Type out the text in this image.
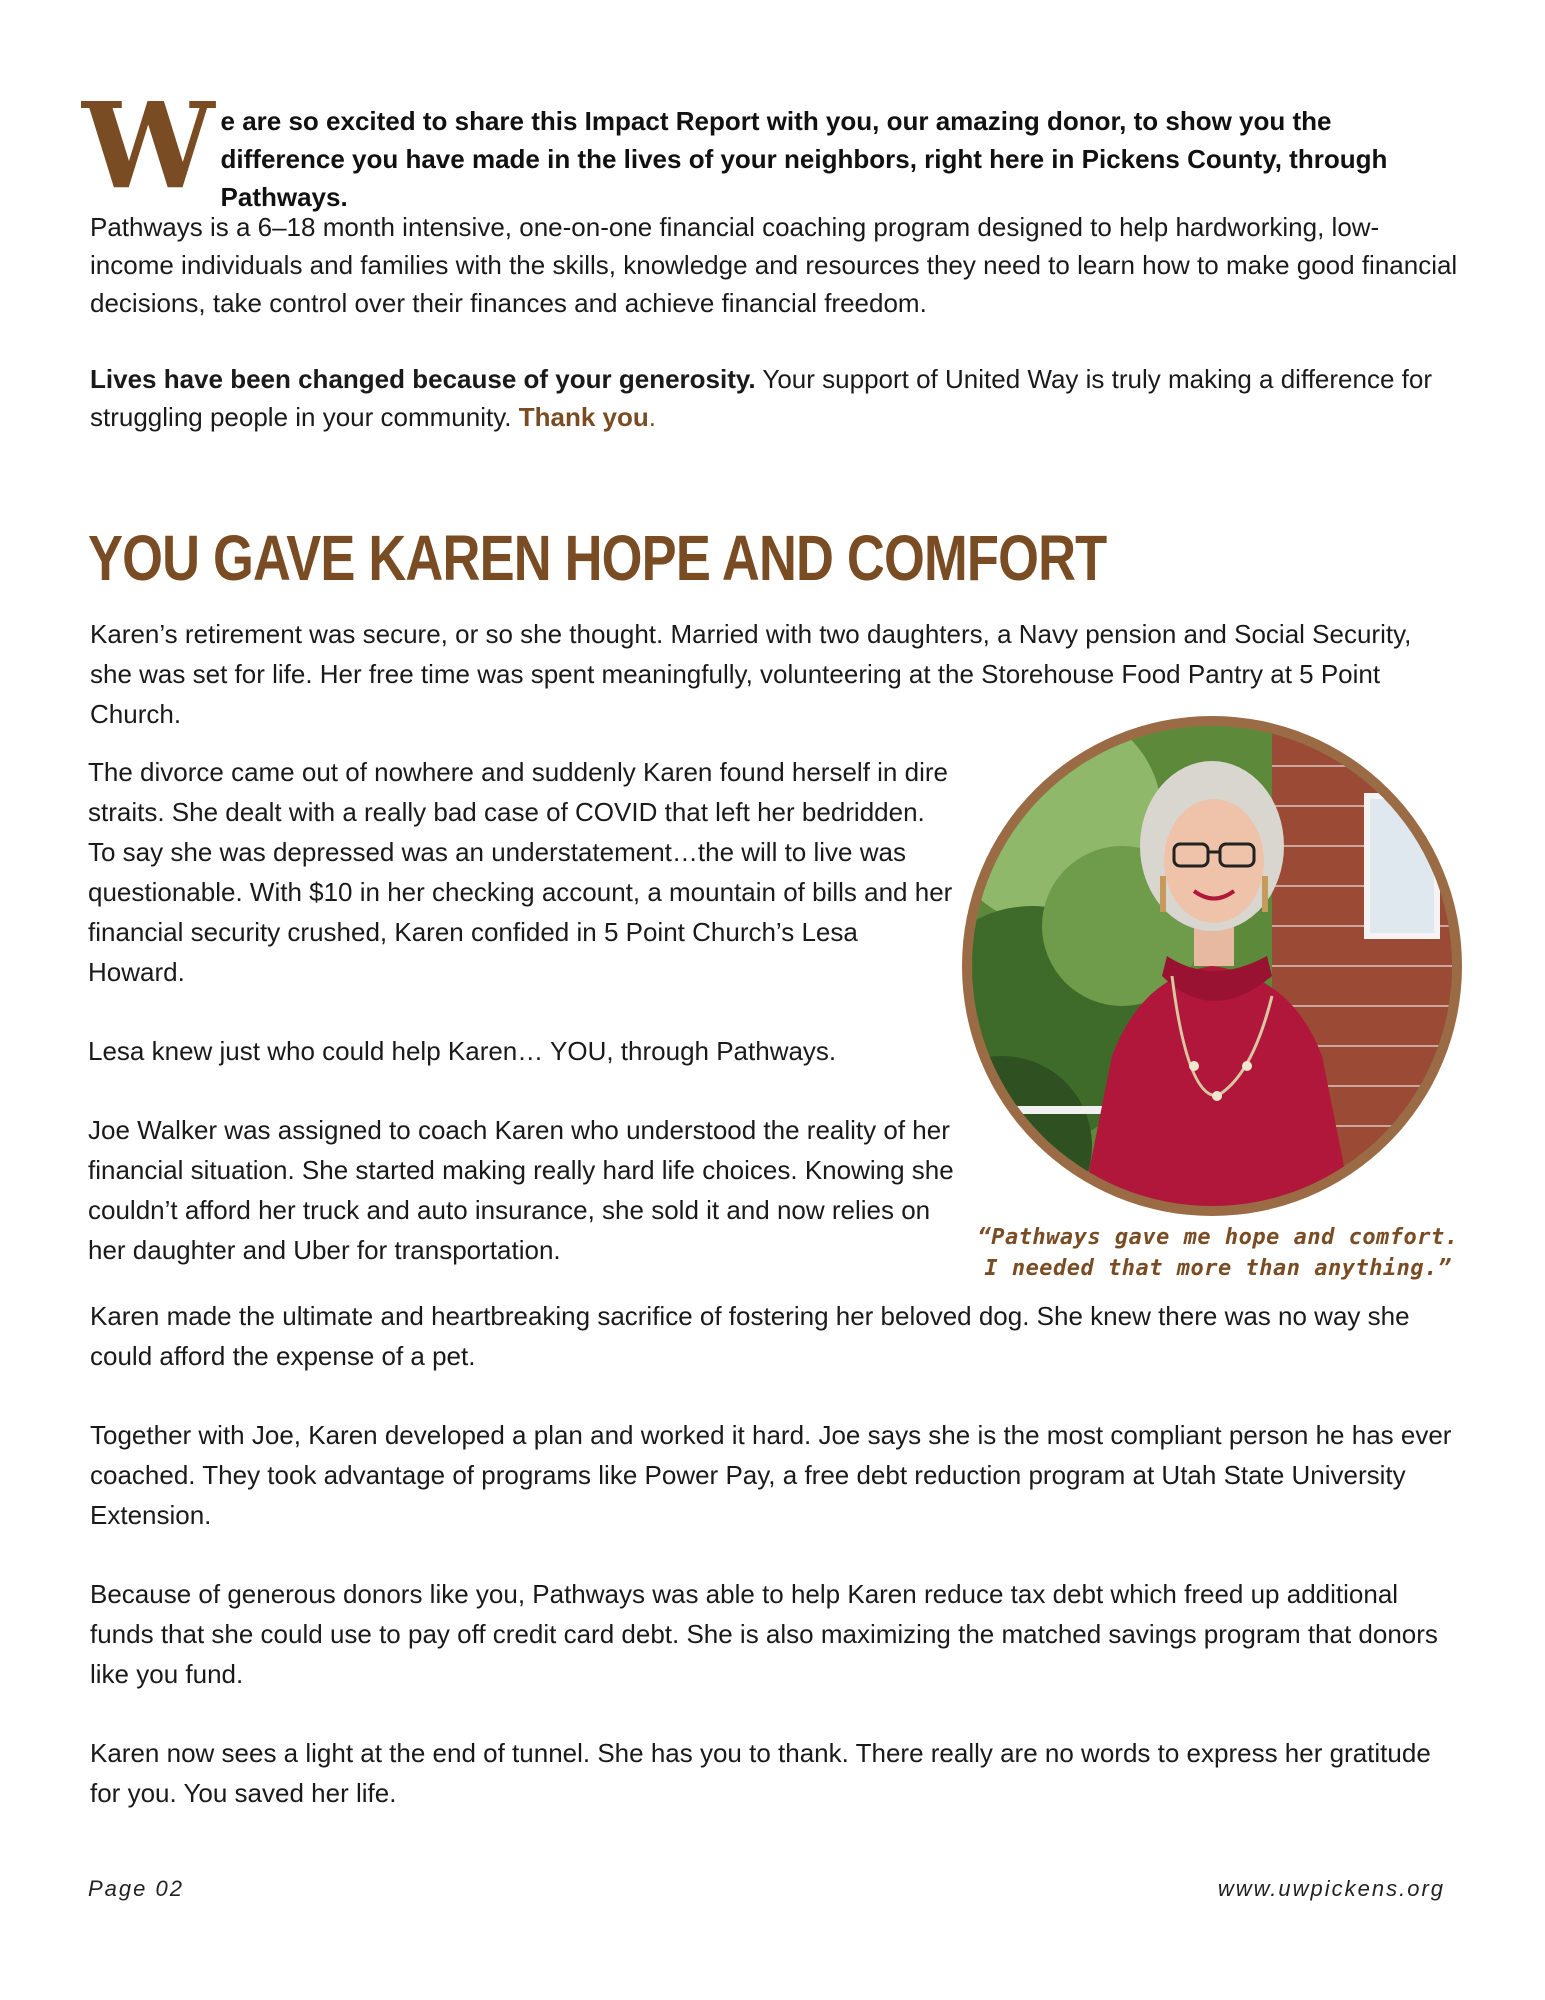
W e are so excited to share this Impact Report with you, our amazing donor, to show you the difference you have made in the lives of your neighbors, right here in Pickens County, through Pathways.
Pathways is a 6–18 month intensive, one-on-one financial coaching program designed to help hardworking, low-income individuals and families with the skills, knowledge and resources they need to learn how to make good financial decisions, take control over their finances and achieve financial freedom.
Lives have been changed because of your generosity. Your support of United Way is truly making a difference for struggling people in your community. Thank you.
YOU GAVE KAREN HOPE AND COMFORT
Karen’s retirement was secure, or so she thought. Married with two daughters, a Navy pension and Social Security, she was set for life. Her free time was spent meaningfully, volunteering at the Storehouse Food Pantry at 5 Point Church.

The divorce came out of nowhere and suddenly Karen found herself in dire straits. She dealt with a really bad case of COVID that left her bedridden. To say she was depressed was an understatement…the will to live was questionable. With $10 in her checking account, a mountain of bills and her financial security crushed, Karen confided in 5 Point Church’s Lesa Howard.

Lesa knew just who could help Karen… YOU, through Pathways.

Joe Walker was assigned to coach Karen who understood the reality of her financial situation. She started making really hard life choices. Knowing she couldn’t afford her truck and auto insurance, she sold it and now relies on her daughter and Uber for transportation.	“Pathways gave me hope and comfort.
I needed that more than anything.”

Karen made the ultimate and heartbreaking sacrifice of fostering her beloved dog. She knew there was no way she could afford the expense of a pet.

Together with Joe, Karen developed a plan and worked it hard. Joe says she is the most compliant person he has ever coached. They took advantage of programs like Power Pay, a free debt reduction program at Utah State University Extension.

Because of generous donors like you, Pathways was able to help Karen reduce tax debt which freed up additional funds that she could use to pay off credit card debt. She is also maximizing the matched savings program that donors like you fund.

Karen now sees a light at the end of tunnel. She has you to thank. There really are no words to express her gratitude for you. You saved her life.

Page 02	www.uwpickens.org
